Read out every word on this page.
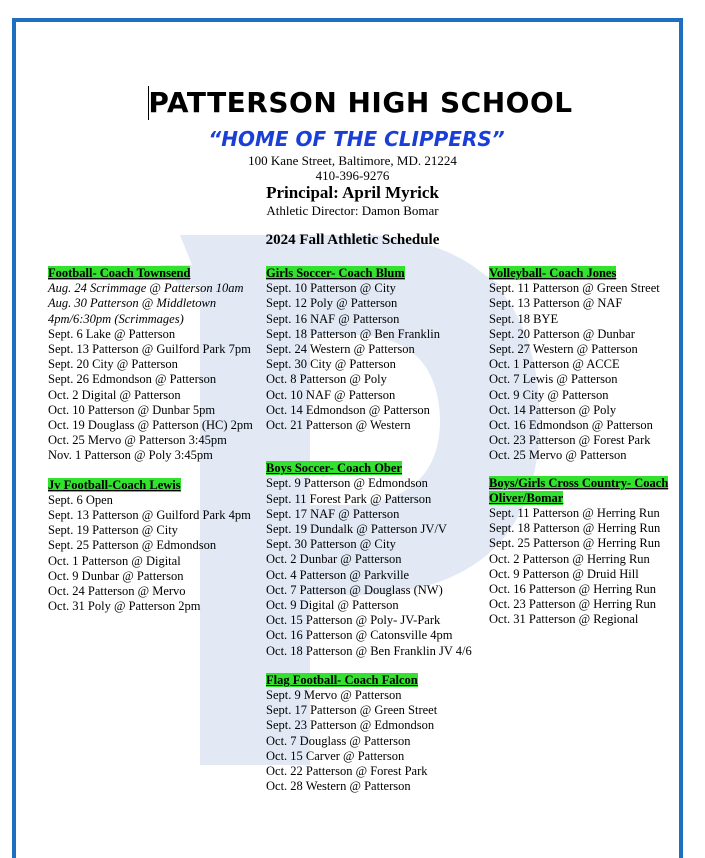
PATTERSON HIGH SCHOOL
“HOME OF THE CLIPPERS”
100 Kane Street, Baltimore, MD. 21224
410-396-9276
Principal: April Myrick
Athletic Director: Damon Bomar
2024 Fall Athletic Schedule

Football- Coach Townsend

Aug. 24 Scrimmage @ Patterson 10am

Aug. 30 Patterson @ Middletown

4pm/6:30pm (Scrimmages)

Sept. 6 Lake @ Patterson

Sept. 13 Patterson @ Guilford Park 7pm

Sept. 20 City @ Patterson

Sept. 26 Edmondson @ Patterson

Oct. 2 Digital @ Patterson

Oct. 10 Patterson @ Dunbar 5pm

Oct. 19 Douglass @ Patterson (HC) 2pm

Oct. 25 Mervo @ Patterson 3:45pm

Nov. 1 Patterson @ Poly 3:45pm

Jv Football-Coach Lewis

Sept. 6 Open

Sept. 13 Patterson @ Guilford Park 4pm

Sept. 19 Patterson @ City

Sept. 25 Patterson @ Edmondson

Oct. 1 Patterson @ Digital

Oct. 9 Dunbar @ Patterson

Oct. 24 Patterson @ Mervo

Oct. 31 Poly @ Patterson 2pm

Girls Soccer- Coach Blum

Sept. 10 Patterson @ City

Sept. 12 Poly @ Patterson

Sept. 16 NAF @ Patterson

Sept. 18 Patterson @ Ben Franklin

Sept. 24 Western @ Patterson

Sept. 30 City @ Patterson

Oct. 8 Patterson @ Poly

Oct. 10 NAF @ Patterson

Oct. 14 Edmondson @ Patterson

Oct. 21 Patterson @ Western

Boys Soccer- Coach Ober

Sept. 9 Patterson @ Edmondson

Sept. 11 Forest Park @ Patterson

Sept. 17 NAF @ Patterson

Sept. 19 Dundalk @ Patterson JV/V

Sept. 30 Patterson @ City

Oct. 2 Dunbar @ Patterson

Oct. 4 Patterson @ Parkville

Oct. 7 Patterson @ Douglass (NW)

Oct. 9 Digital @ Patterson

Oct. 15 Patterson @ Poly- JV-Park

Oct. 16 Patterson @ Catonsville 4pm

Oct. 18 Patterson @ Ben Franklin JV 4/6

Flag Football- Coach Falcon

Sept. 9 Mervo @ Patterson

Sept. 17 Patterson @ Green Street

Sept. 23 Patterson @ Edmondson

Oct. 7 Douglass @ Patterson

Oct. 15 Carver @ Patterson

Oct. 22 Patterson @ Forest Park

Oct. 28 Western @ Patterson

Volleyball- Coach Jones

Sept. 11 Patterson @ Green Street

Sept. 13 Patterson @ NAF

Sept. 18 BYE

Sept. 20 Patterson @ Dunbar

Sept. 27 Western @ Patterson

Oct. 1 Patterson @ ACCE

Oct. 7 Lewis @ Patterson

Oct. 9 City @ Patterson

Oct. 14 Patterson @ Poly

Oct. 16 Edmondson @ Patterson

Oct. 23 Patterson @ Forest Park

Oct. 25 Mervo @ Patterson

Boys/Girls Cross Country- Coach Oliver/Bomar

Sept. 11 Patterson @ Herring Run

Sept. 18 Patterson @ Herring Run

Sept. 25 Patterson @ Herring Run

Oct. 2 Patterson @ Herring Run

Oct. 9 Patterson @ Druid Hill

Oct. 16 Patterson @ Herring Run

Oct. 23 Patterson @ Herring Run

Oct. 31 Patterson @ Regional
